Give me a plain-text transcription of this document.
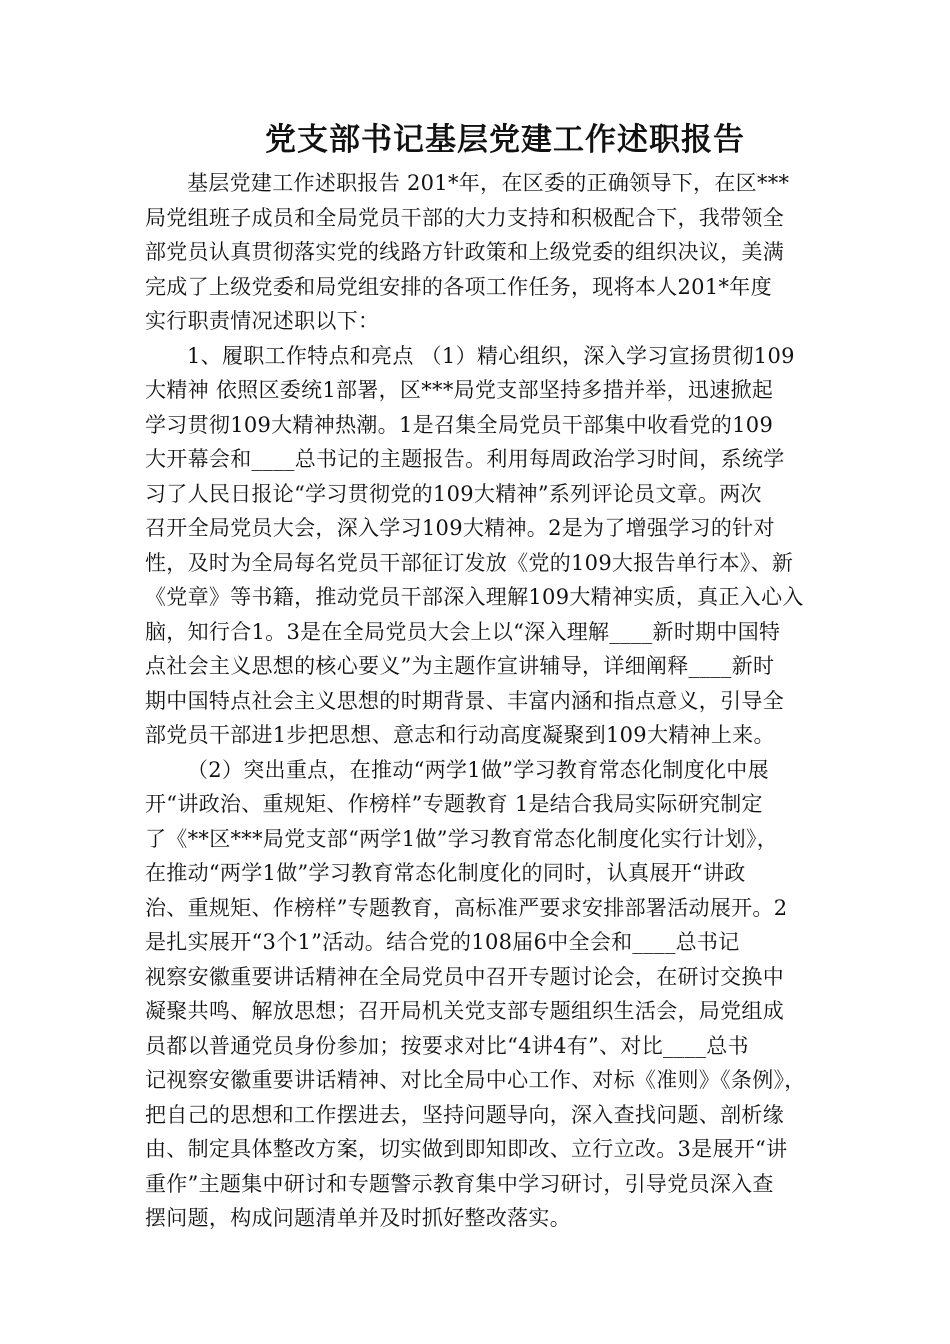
党支部书记基层党建工作述职报告
基层党建工作述职报告 201*年，在区委的正确领导下，在区***
局党组班子成员和全局党员干部的大力支持和积极配合下，我带领全
部党员认真贯彻落实党的线路方针政策和上级党委的组织决议，美满
完成了上级党委和局党组安排的各项工作任务，现将本人201*年度
实行职责情况述职以下：
1、履职工作特点和亮点 （1）精心组织，深入学习宣扬贯彻109
大精神 依照区委统1部署，区***局党支部坚持多措并举，迅速掀起
学习贯彻109大精神热潮。1是召集全局党员干部集中收看党的109
大开幕会和____总书记的主题报告。利用每周政治学习时间，系统学
习了人民日报论“学习贯彻党的109大精神”系列评论员文章。两次
召开全局党员大会，深入学习109大精神。2是为了增强学习的针对
性，及时为全局每名党员干部征订发放《党的109大报告单行本》、新
《党章》等书籍，推动党员干部深入理解109大精神实质，真正入心入
脑，知行合1。3是在全局党员大会上以“深入理解____新时期中国特
点社会主义思想的核心要义”为主题作宣讲辅导，详细阐释____新时
期中国特点社会主义思想的时期背景、丰富内涵和指点意义，引导全
部党员干部进1步把思想、意志和行动高度凝聚到109大精神上来。
（2）突出重点，在推动“两学1做”学习教育常态化制度化中展
开“讲政治、重规矩、作榜样”专题教育 1是结合我局实际研究制定
了《**区***局党支部“两学1做”学习教育常态化制度化实行计划》，
在推动“两学1做”学习教育常态化制度化的同时，认真展开“讲政
治、重规矩、作榜样”专题教育，高标准严要求安排部署活动展开。2
是扎实展开“3个1”活动。结合党的108届6中全会和____总书记
视察安徽重要讲话精神在全局党员中召开专题讨论会，在研讨交换中
凝聚共鸣、解放思想；召开局机关党支部专题组织生活会，局党组成
员都以普通党员身份参加；按要求对比“4讲4有”、对比____总书
记视察安徽重要讲话精神、对比全局中心工作、对标《准则》《条例》，
把自己的思想和工作摆进去，坚持问题导向，深入查找问题、剖析缘
由、制定具体整改方案，切实做到即知即改、立行立改。3是展开“讲
重作”主题集中研讨和专题警示教育集中学习研讨，引导党员深入查
摆问题，构成问题清单并及时抓好整改落实。
